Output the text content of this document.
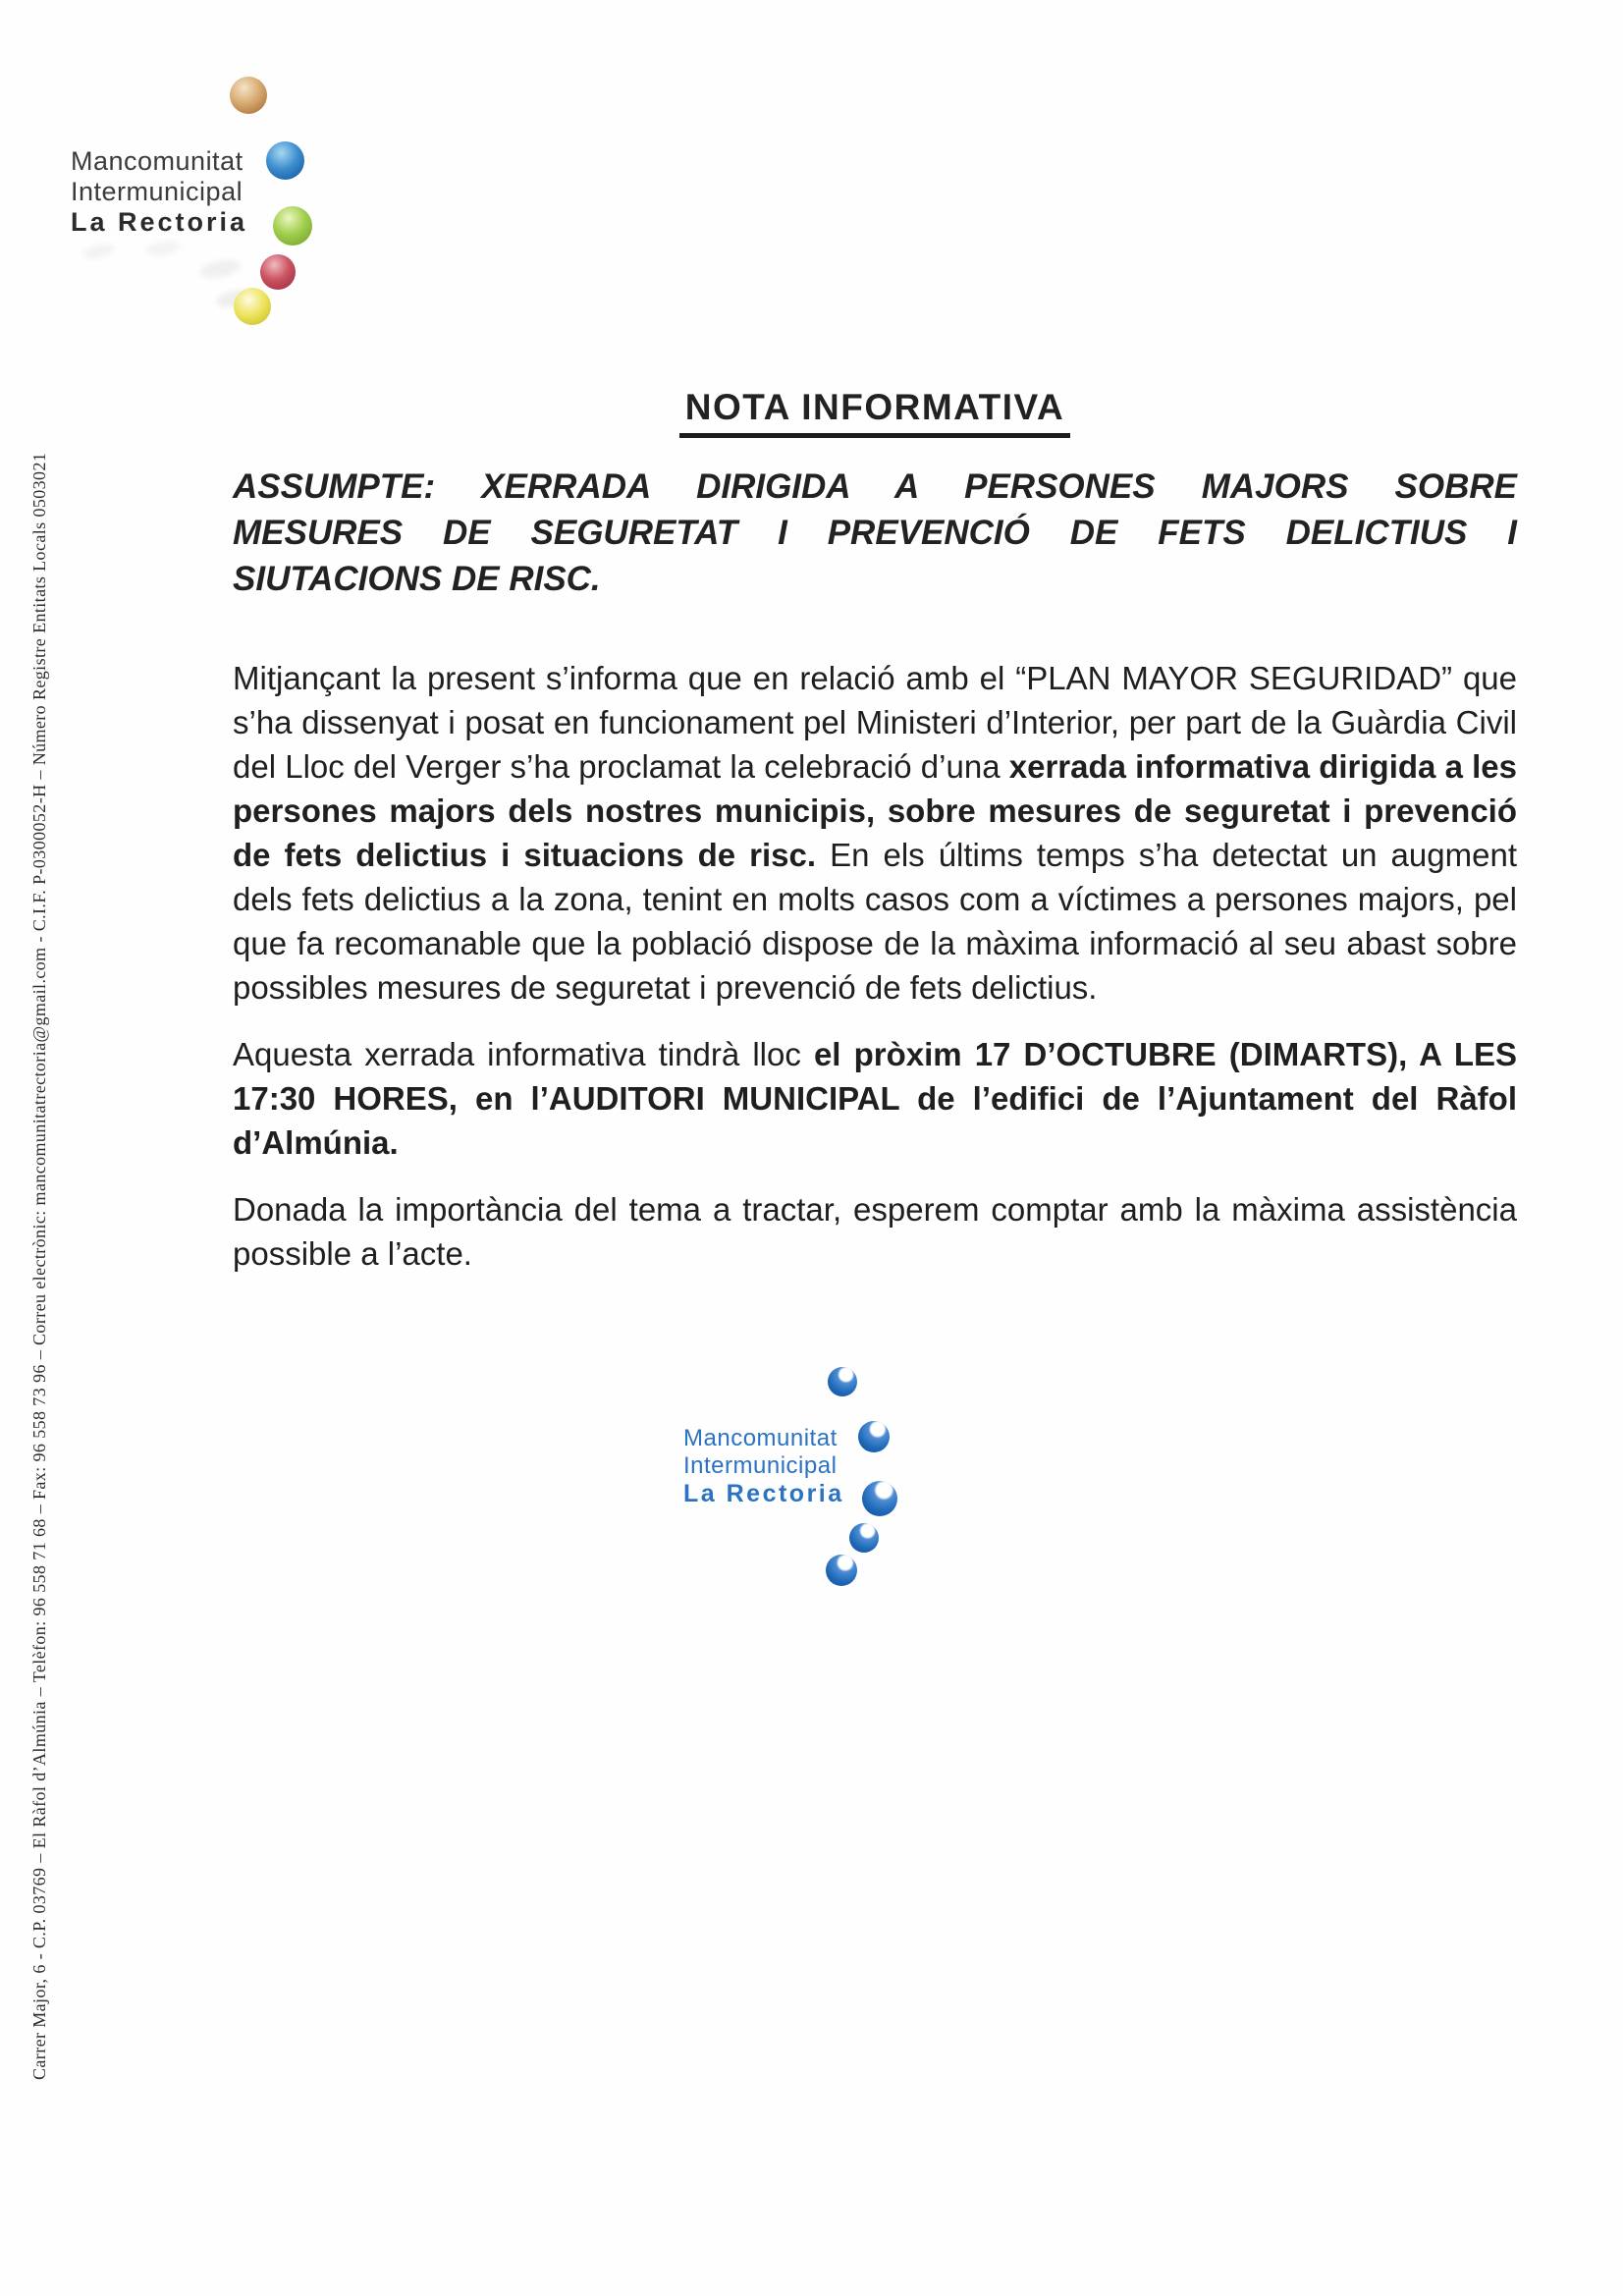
Carrer Major, 6 - C.P. 03769 – El Ràfol d’Almúnia – Telèfon: 96 558 71 68 – Fax: 96 558 73 96 – Correu electrònic: mancomunitatrectoria@gmail.com - C.I.F. P-0300052-H – Número Registre Entitats Locals 0503021
Mancomunitat
Intermunicipal
La Rectoria
NOTA INFORMATIVA
ASSUMPTE: XERRADA DIRIGIDA A PERSONES MAJORS SOBRE
MESURES DE SEGURETAT I PREVENCIÓ DE FETS DELICTIUS I
SIUTACIONS DE RISC.

Mitjançant la present s’informa que en relació amb el “PLAN MAYOR SEGURIDAD” que s’ha dissenyat i posat en funcionament pel Ministeri d’Interior, per part de la Guàrdia Civil del Lloc del Verger s’ha proclamat la celebració d’una xerrada informativa dirigida a les persones majors dels nostres municipis, sobre mesures de seguretat i prevenció de fets delictius i situacions de risc. En els últims temps s’ha detectat un augment dels fets delictius a la zona, tenint en molts casos com a víctimes a persones majors, pel que fa recomanable que la població dispose de la màxima informació al seu abast sobre possibles mesures de seguretat i prevenció de fets delictius.

Aquesta xerrada informativa tindrà lloc el pròxim 17 D’OCTUBRE (DIMARTS), A LES 17:30 HORES, en l’AUDITORI MUNICIPAL de l’edifici de l’Ajuntament del Ràfol d’Almúnia.

Donada la importància del tema a tractar, esperem comptar amb la màxima assistència possible a l’acte.

Mancomunitat
Intermunicipal
La Rectoria
